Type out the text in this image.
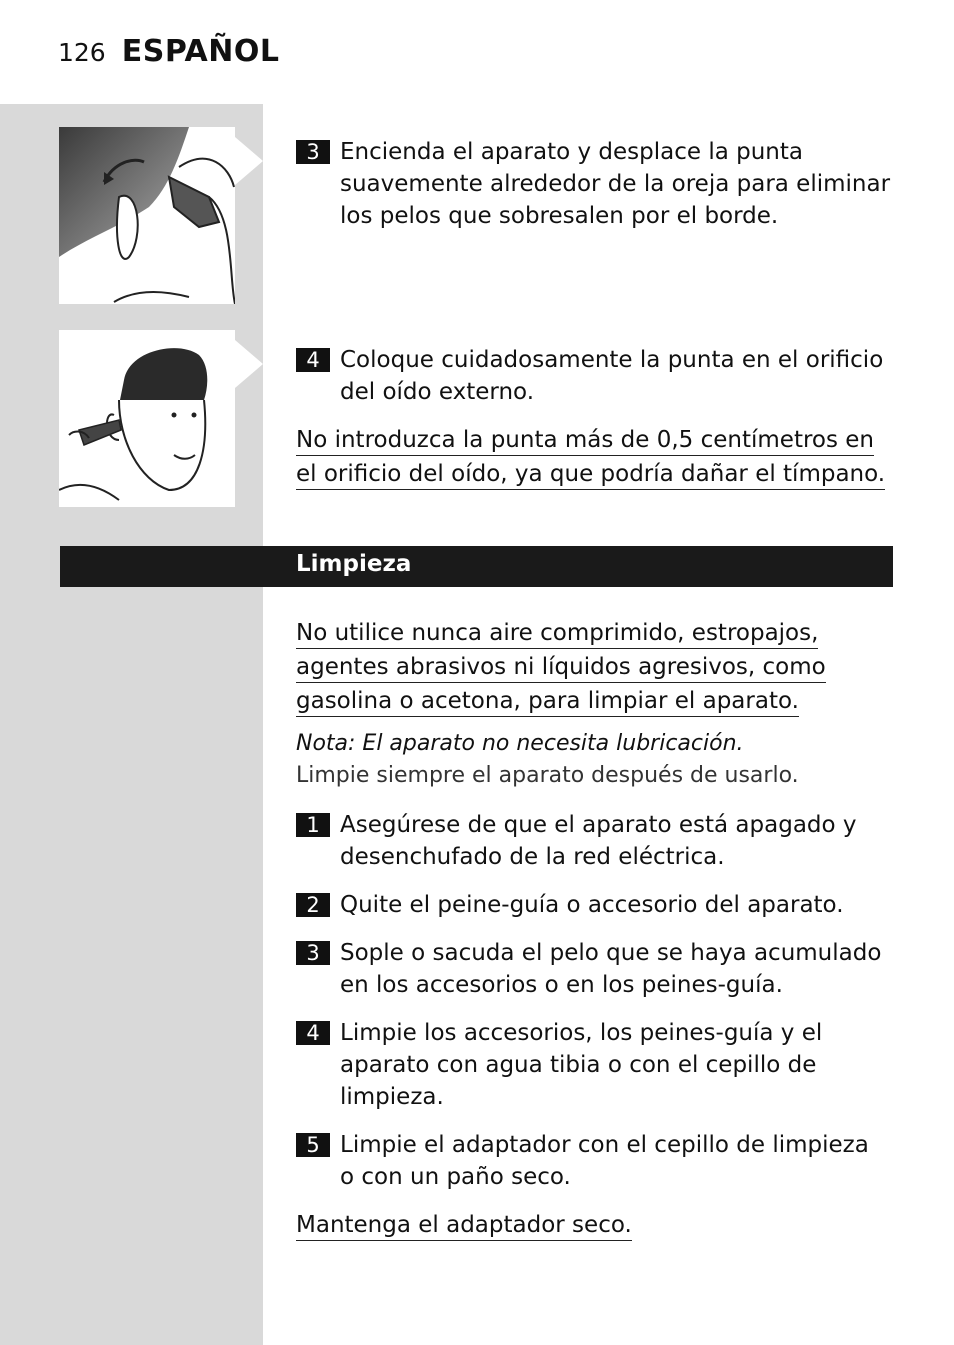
126 ESPAÑOL
3 Encienda el aparato y desplace la punta
suavemente alrededor de la oreja para eliminar
los pelos que sobresalen por el borde.
4 Coloque cuidadosamente la punta en el orificio
del oído externo.
No introduzca la punta más de 0,5 centímetros en
el orificio del oído, ya que podría dañar el tímpano.
Limpieza
No utilice nunca aire comprimido, estropajos,
agentes abrasivos ni líquidos agresivos, como
gasolina o acetona, para limpiar el aparato.
Nota: El aparato no necesita lubricación.
Limpie siempre el aparato después de usarlo.
1 Asegúrese de que el aparato está apagado y
desenchufado de la red eléctrica.
2 Quite el peine-guía o accesorio del aparato.
3 Sople o sacuda el pelo que se haya acumulado
en los accesorios o en los peines-guía.
4 Limpie los accesorios, los peines-guía y el
aparato con agua tibia o con el cepillo de
limpieza.
5 Limpie el adaptador con el cepillo de limpieza
o con un paño seco.
Mantenga el adaptador seco.
